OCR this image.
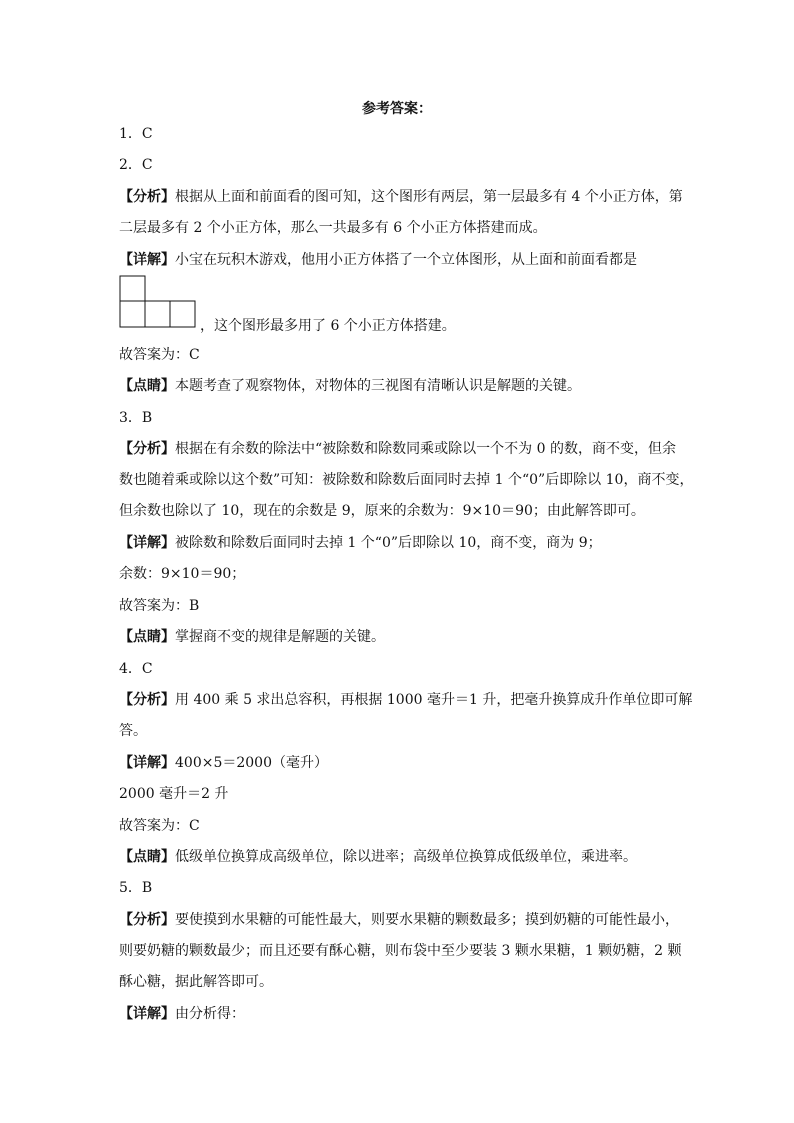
参考答案：
1．C
2．C
【分析】根据从上面和前面看的图可知，这个图形有两层，第一层最多有 4 个小正方体，第
二层最多有 2 个小正方体，那么一共最多有 6 个小正方体搭建而成。
【详解】小宝在玩积木游戏，他用小正方体搭了一个立体图形，从上面和前面看都是
故答案为：C
【点睛】本题考查了观察物体，对物体的三视图有清晰认识是解题的关键。
3．B
【分析】根据在有余数的除法中“被除数和除数同乘或除以一个不为 0 的数，商不变，但余
数也随着乘或除以这个数”可知：被除数和除数后面同时去掉 1 个“0”后即除以 10，商不变，
但余数也除以了 10，现在的余数是 9，原来的余数为：9×10＝90；由此解答即可。
【详解】被除数和除数后面同时去掉 1 个“0”后即除以 10，商不变，商为 9；
余数：9×10＝90；
故答案为：B
【点睛】掌握商不变的规律是解题的关键。
4．C
【分析】用 400 乘 5 求出总容积，再根据 1000 毫升＝1 升，把毫升换算成升作单位即可解
答。
【详解】400×5＝2000（毫升）
2000 毫升＝2 升
故答案为：C
【点睛】低级单位换算成高级单位，除以进率；高级单位换算成低级单位，乘进率。
5．B
【分析】要使摸到水果糖的可能性最大，则要水果糖的颗数最多；摸到奶糖的可能性最小，
则要奶糖的颗数最少；而且还要有酥心糖，则布袋中至少要装 3 颗水果糖，1 颗奶糖，2 颗
酥心糖，据此解答即可。
【详解】由分析得：
，这个图形最多用了 6 个小正方体搭建。
